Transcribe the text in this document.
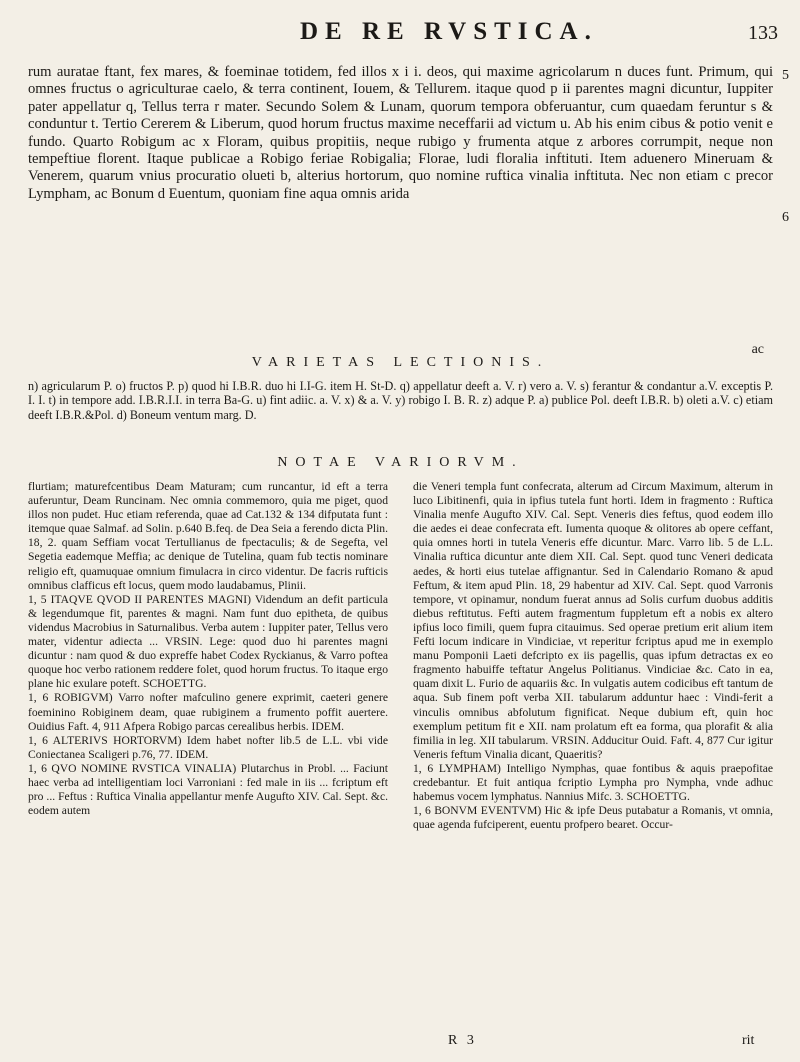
DE RE RVSTICA.	133
5
6

rum auratae ftant, fex mares, & foeminae totidem, fed illos x i i. deos, qui maxime agricolarum n duces funt. Primum, qui omnes fructus o agriculturae caelo, & terra continent, Iouem, & Tellurem. itaque quod p ii parentes magni dicuntur, Iuppiter pater appellatur q, Tellus terra r mater. Secundo Solem & Lunam, quorum tempora obferuantur, cum quaedam feruntur s & conduntur t. Tertio Cererem & Liberum, quod horum fructus maxime neceffarii ad victum u. Ab his enim cibus & potio venit e fundo. Quarto Robigum ac x Floram, quibus propitiis, neque rubigo y frumenta atque z arbores corrumpit, neque non tempeftiue florent. Itaque publicae a Robigo feriae Robigalia; Florae, ludi floralia inftituti. Item aduenero Mineruam & Venerem, quarum vnius procuratio olueti b, alterius hortorum, quo nomine ruftica vinalia inftituta. Nec non etiam c precor Lympham, ac Bonum d Euentum, quoniam fine aqua omnis arida

ac
VARIETAS LECTIONIS.

n) agricularum P. o) fructos P. p) quod hi I.B.R. duo hi I.I-G. item H. St-D. q) appellatur deeft a. V. r) vero a. V. s) ferantur & condantur a.V. exceptis P. I. I. t) in tempore add. I.B.R.I.I. in terra Ba-G. u) fint adiic. a. V. x) & a. V. y) robigo I. B. R. z) adque P. a) publice Pol. deeft I.B.R. b) oleti a.V. c) etiam deeft I.B.R.&Pol. d) Boneum ventum marg. D.

NOTAE VARIORVM.

flurtiam; maturefcentibus Deam Maturam; cum runcantur, id eft a terra auferuntur, Deam Runcinam. Nec omnia commemoro, quia me piget, quod illos non pudet. Huc etiam referenda, quae ad Cat.132 & 134 difputata funt : itemque quae Salmaf. ad Solin. p.640 B.feq. de Dea Seia a ferendo dicta Plin. 18, 2. quam Seffiam vocat Tertullianus de fpectaculis; & de Segefta, vel Segetia eademque Meffia; ac denique de Tutelina, quam fub tectis nominare religio eft, quamuquae omnium fimulacra in circo videntur. De facris rufticis omnibus clafficus eft locus, quem modo laudabamus, Plinii.

1, 5 ITAQVE QVOD II PARENTES MAGNI) Videndum an defit particula & legendumque fit, parentes & magni. Nam funt duo epitheta, de quibus videndus Macrobius in Saturnalibus. Verba autem : Iuppiter pater, Tellus vero mater, videntur adiecta ... VRSIN. Lege: quod duo hi parentes magni dicuntur : nam quod & duo expreffe habet Codex Ryckianus, & Varro poftea quoque hoc verbo rationem reddere folet, quod horum fructus. To itaque ergo plane hic exulare poteft. SCHOETTG.

1, 6 ROBIGVM) Varro nofter mafculino genere exprimit, caeteri genere foeminino Robiginem deam, quae rubiginem a frumento poffit auertere. Ouidius Faft. 4, 911 Afpera Robigo parcas cerealibus herbis. IDEM.

1, 6 ALTERIVS HORTORVM) Idem habet nofter lib.5 de L.L. vbi vide Coniectanea Scaligeri p.76, 77. IDEM.

1, 6 QVO NOMINE RVSTICA VINALIA) Plutarchus in Probl. ... Faciunt haec verba ad intelligentiam loci Varroniani : fed male in iis ... fcriptum eft pro ... Feftus : Ruftica Vinalia appellantur menfe Augufto XIV. Cal. Sept. &c. eodem autem

die Veneri templa funt confecrata, alterum ad Circum Maximum, alterum in luco Libitinenfi, quia in ipfius tutela funt horti. Idem in fragmento : Ruftica Vinalia menfe Augufto XIV. Cal. Sept. Veneris dies feftus, quod eodem illo die aedes ei deae confecrata eft. Iumenta quoque & olitores ab opere ceffant, quia omnes horti in tutela Veneris effe dicuntur. Marc. Varro lib. 5 de L.L. Vinalia ruftica dicuntur ante diem XII. Cal. Sept. quod tunc Veneri dedicata aedes, & horti eius tutelae affignantur. Sed in Calendario Romano & apud Feftum, & item apud Plin. 18, 29 habentur ad XIV. Cal. Sept. quod Varronis tempore, vt opinamur, nondum fuerat annus ad Solis curfum duobus additis diebus reftitutus. Fefti autem fragmentum fuppletum eft a nobis ex altero ipfius loco fimili, quem fupra citauimus. Sed operae pretium erit alium item Fefti locum indicare in Vindiciae, vt reperitur fcriptus apud me in exemplo manu Pomponii Laeti defcripto ex iis pagellis, quas ipfum detractas ex eo fragmento habuiffe teftatur Angelus Politianus. Vindiciae &c. Cato in ea, quam dixit L. Furio de aquariis &c. In vulgatis autem codicibus eft tantum de aqua. Sub finem poft verba XII. tabularum adduntur haec : Vindi-ferit a vinculis omnibus abfolutum fignificat. Neque dubium eft, quin hoc exemplum petitum fit e XII. nam prolatum eft ea forma, qua plorafit & alia fimilia in leg. XII tabularum. VRSIN. Adducitur Ouid. Faft. 4, 877 Cur igitur Veneris feftum Vinalia dicant, Quaeritis?

1, 6 LYMPHAM) Intelligo Nymphas, quae fontibus & aquis praepofitae credebantur. Et fuit antiqua fcriptio Lympha pro Nympha, vnde adhuc habemus vocem lymphatus. Nannius Mifc. 3. SCHOETTG.

1, 6 BONVM EVENTVM) Hic & ipfe Deus putabatur a Romanis, vt omnia, quae agenda fufciperent, euentu profpero bearet. Occur-

R 3	rit
